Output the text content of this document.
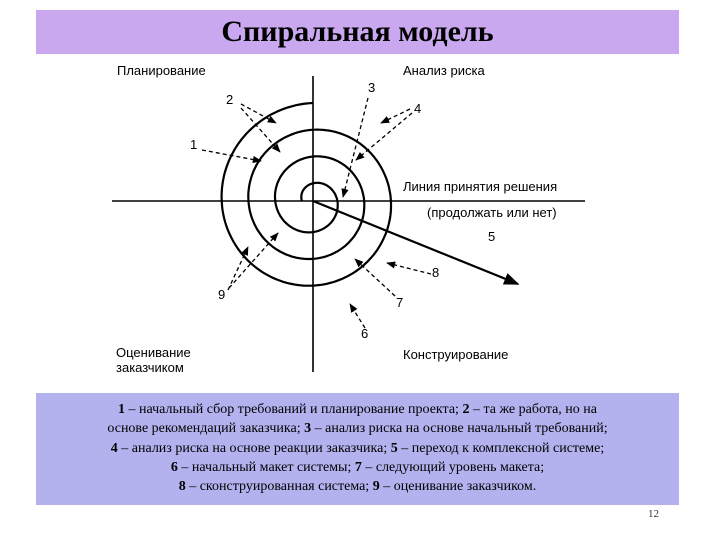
Спиральная модель
Планирование	Анализ риска
Оценивание
заказчиком
Конструирование
Линия принятия решения
(продолжать или нет)
1
2
3
4
5
6
7
8
9
1 – начальный сбор требований и планирование проекта; 2 – та же работа, но на
основе рекомендаций заказчика; 3 – анализ риска на основе начальный требований;
4 – анализ риска на основе реакции заказчика; 5 – переход к комплексной системе;
6 – начальный макет системы; 7 – следующий уровень макета;
8 – сконструированная система; 9 – оценивание заказчиком.
12
